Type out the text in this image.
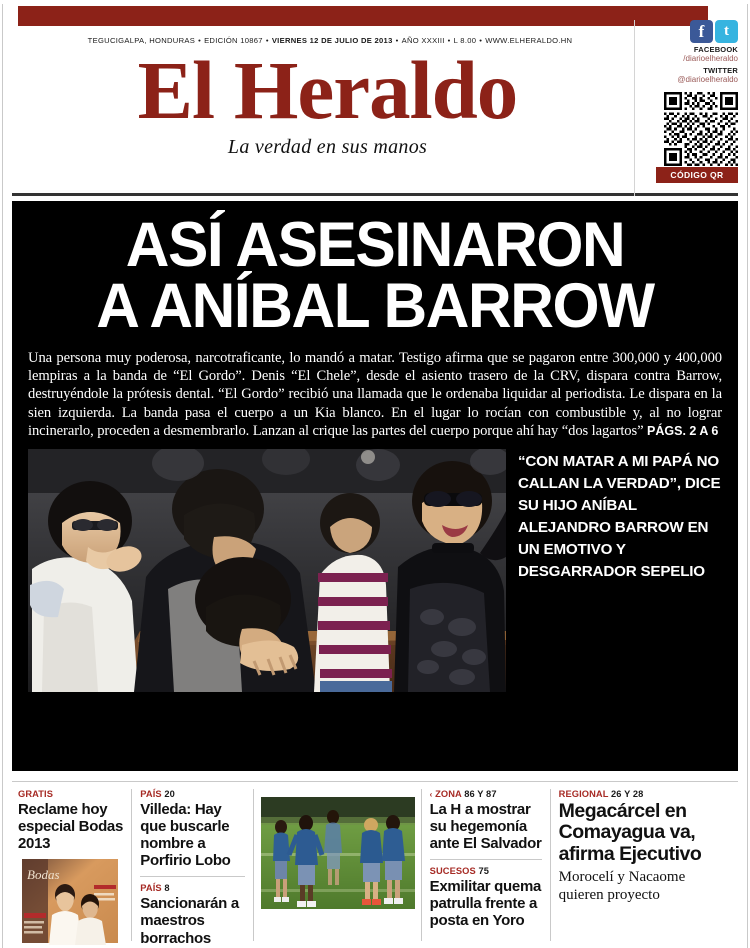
TEGUCIGALPA, HONDURAS • EDICIÓN 10867 • VIERNES 12 DE JULIO DE 2013 • AÑO XXXIII • L 8.00 • WWW.ELHERALDO.HN
El Heraldo
La verdad en sus manos
f	t
FACEBOOK
/diarioelheraldo
TWITTER
@diarioelheraldo
CÓDIGO QR
ASÍ ASESINARON
A ANÍBAL BARROW
Una persona muy poderosa, narcotraficante, lo mandó a matar. Testigo afirma que se pagaron entre 300,000 y 400,000 lempiras a la banda de “El Gordo”. Denis “El Chele”, desde el asiento trasero de la CRV, dispara contra Barrow, destruyéndole la prótesis dental. “El Gordo” recibió una llamada que le ordenaba liquidar al periodista. Le dispara en la sien izquierda. La banda pasa el cuerpo a un Kia blanco. En el lugar lo rocían con combustible y, al no lograr incinerarlo, proceden a desmembrarlo. Lanzan al crique las partes del cuerpo porque ahí hay “dos lagartos” PÁGS. 2 A 6
“CON MATAR A MI PAPÁ NO CALLAN LA VERDAD”, DICE SU HIJO ANÍBAL ALEJANDRO BARROW EN UN EMOTIVO Y DESGARRADOR SEPELIO
GRATIS
Reclame hoy especial Bodas 2013
Bodas
PAÍS 20
Villeda: Hay que buscarle nombre a Porfirio Lobo
PAÍS 8
Sancionarán a maestros borrachos
‹ ZONA 86 Y 87
La H a mostrar su hegemonía ante El Salvador
SUCESOS 75
Exmilitar quema patrulla frente a posta en Yoro
REGIONAL 26 Y 28
Megacárcel en Comayagua va, afirma Ejecutivo
Morocelí y Nacaome quieren proyecto
